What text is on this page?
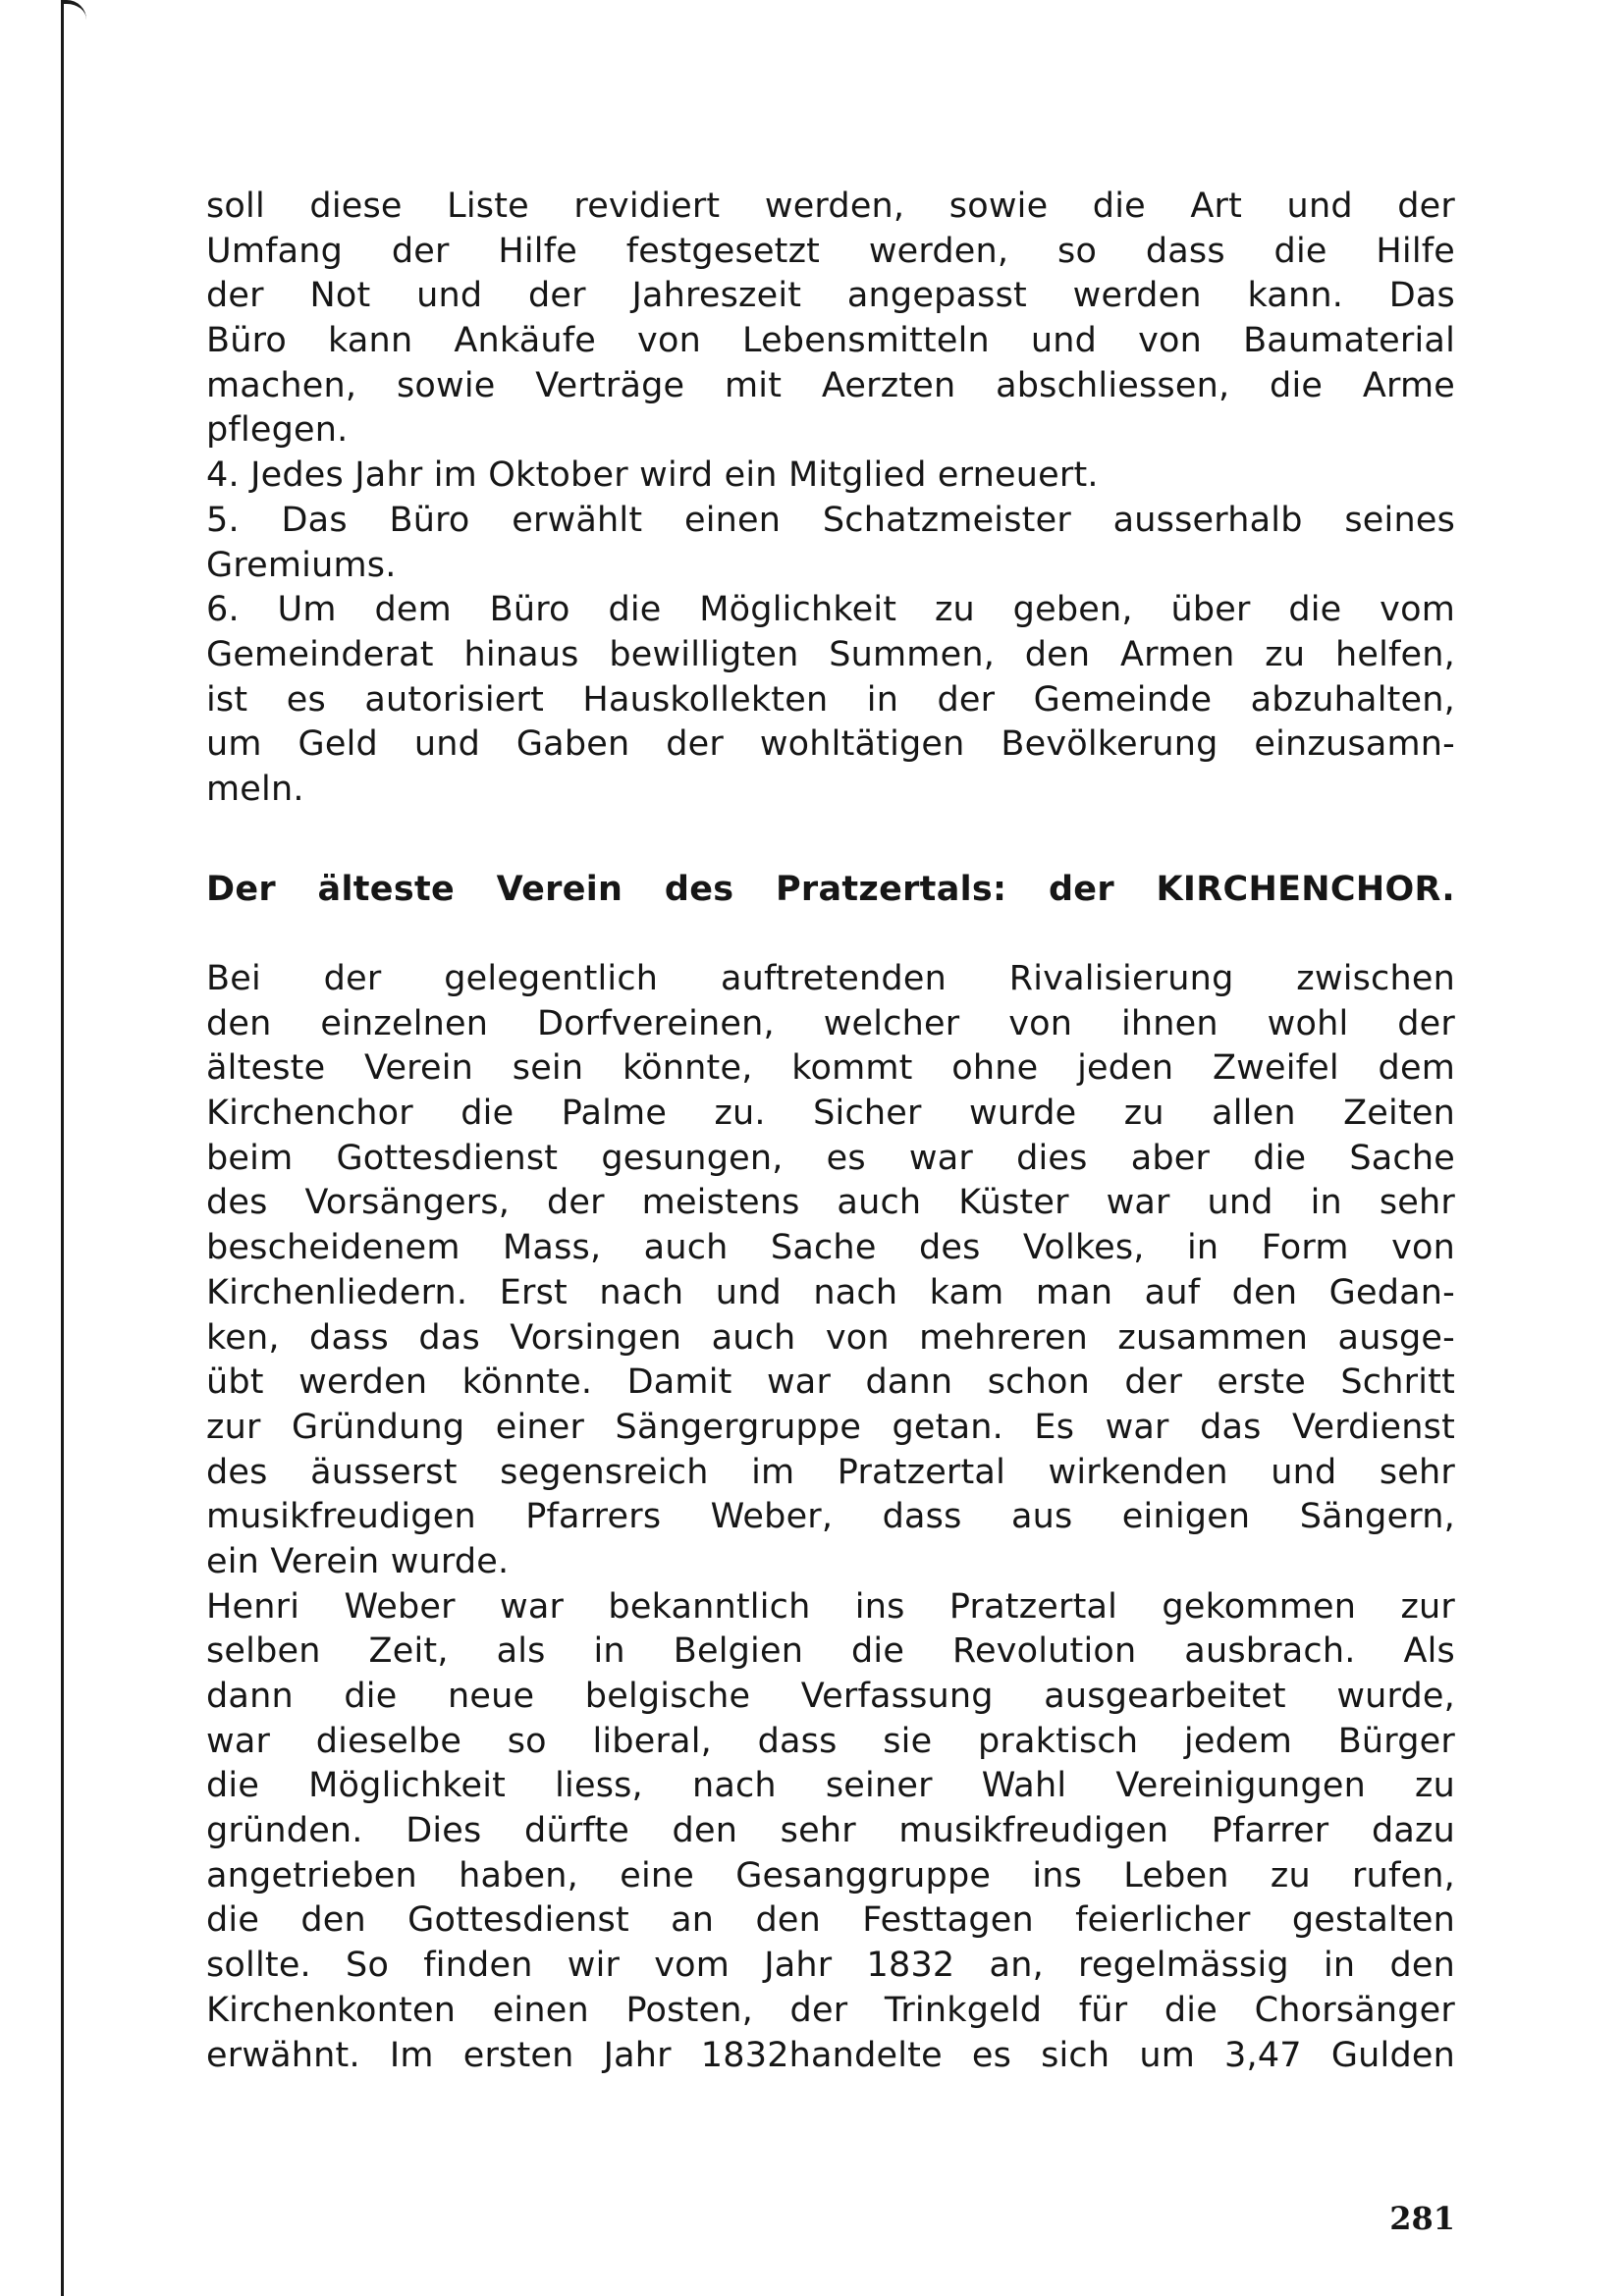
soll diese Liste revidiert werden, sowie die Art und der
Umfang der Hilfe festgesetzt werden, so dass die Hilfe
der Not und der Jahreszeit angepasst werden kann. Das
Büro kann Ankäufe von Lebensmitteln und von Baumaterial
machen, sowie Verträge mit Aerzten abschliessen, die Arme
pflegen.
4. Jedes Jahr im Oktober wird ein Mitglied erneuert.
5. Das Büro erwählt einen Schatzmeister ausserhalb seines
Gremiums.
6. Um dem Büro die Möglichkeit zu geben, über die vom
Gemeinderat hinaus bewilligten Summen, den Armen zu helfen,
ist es autorisiert Hauskollekten in der Gemeinde abzuhalten,
um Geld und Gaben der wohltätigen Bevölkerung einzusamn-
meln.
Der älteste Verein des Pratzertals: der KIRCHENCHOR.
Bei der gelegentlich auftretenden Rivalisierung zwischen
den einzelnen Dorfvereinen, welcher von ihnen wohl der
älteste Verein sein könnte, kommt ohne jeden Zweifel dem
Kirchenchor die Palme zu. Sicher wurde zu allen Zeiten
beim Gottesdienst gesungen, es war dies aber die Sache
des Vorsängers, der meistens auch Küster war und in sehr
bescheidenem Mass, auch Sache des Volkes, in Form von
Kirchenliedern. Erst nach und nach kam man auf den Gedan-
ken, dass das Vorsingen auch von mehreren zusammen ausge-
übt werden könnte. Damit war dann schon der erste Schritt
zur Gründung einer Sängergruppe getan. Es war das Verdienst
des äusserst segensreich im Pratzertal wirkenden und sehr
musikfreudigen Pfarrers Weber, dass aus einigen Sängern,
ein Verein wurde.
Henri Weber war bekanntlich ins Pratzertal gekommen zur
selben Zeit, als in Belgien die Revolution ausbrach. Als
dann die neue belgische Verfassung ausgearbeitet wurde,
war dieselbe so liberal, dass sie praktisch jedem Bürger
die Möglichkeit liess, nach seiner Wahl Vereinigungen zu
gründen. Dies dürfte den sehr musikfreudigen Pfarrer dazu
angetrieben haben, eine Gesanggruppe ins Leben zu rufen,
die den Gottesdienst an den Festtagen feierlicher gestalten
sollte. So finden wir vom Jahr 1832 an, regelmässig in den
Kirchenkonten einen Posten, der Trinkgeld für die Chorsänger
erwähnt. Im ersten Jahr 1832handelte es sich um 3,47 Gulden
281
